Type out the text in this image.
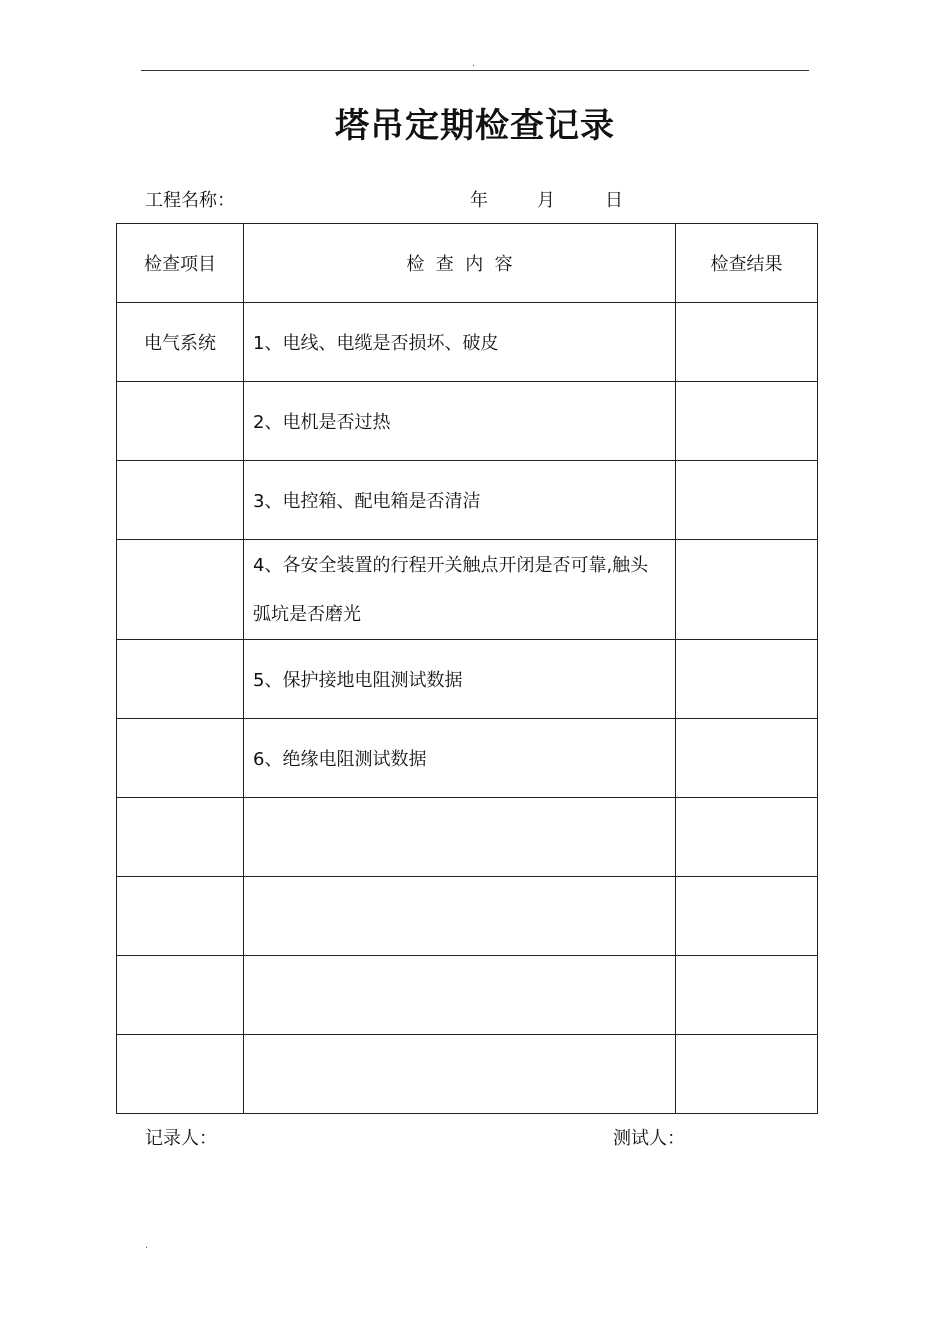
.
塔吊定期检查记录
工程名称：	年	月	日
检查项目	检  查  内  容	检查结果
电气系统	1、电线、电缆是否损坏、破皮	
	2、电机是否过热	
	3、电控箱、配电箱是否清洁	

	4、各安全装置的行程开关触点开闭是否可靠,触头
弧坑是否磨光	

	5、保护接地电阻测试数据	
	6、绝缘电阻测试数据	

记录人：	测试人：
.
